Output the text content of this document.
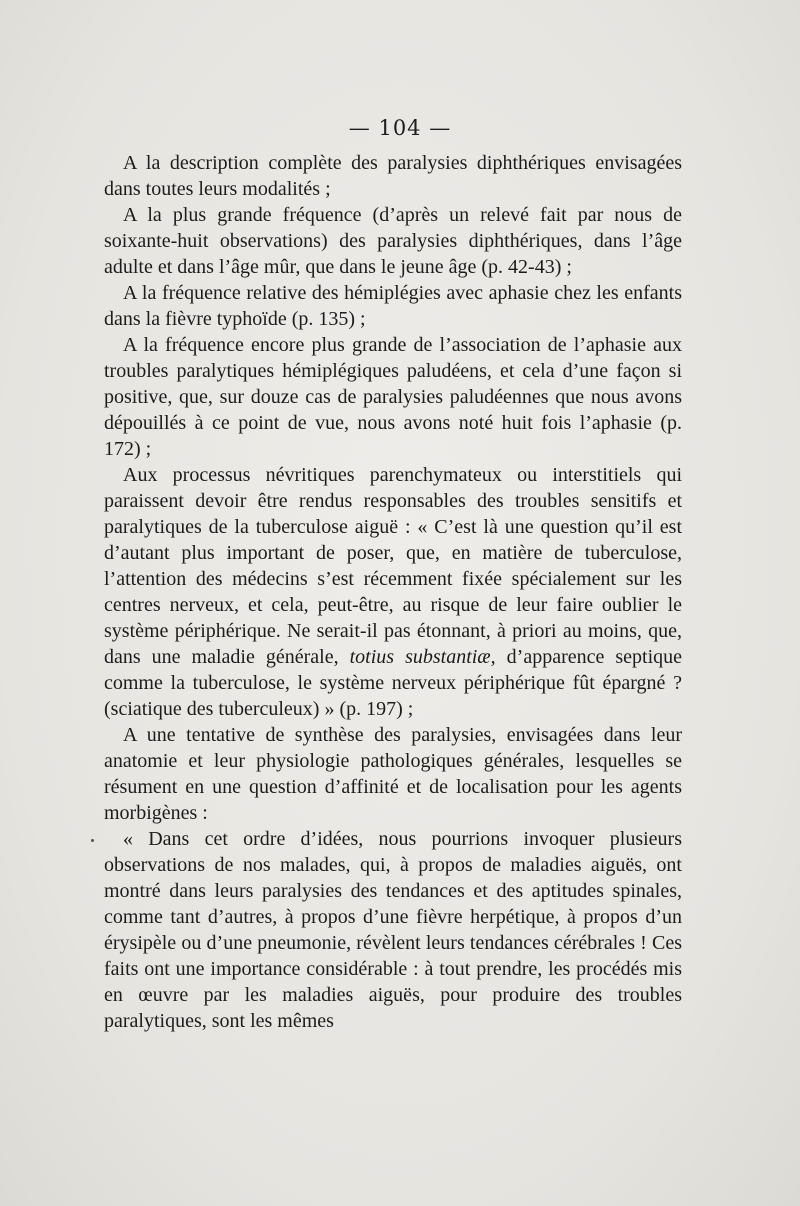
— 104 —

A la description complète des paralysies diphthériques envisagées dans toutes leurs modalités ;

A la plus grande fréquence (d’après un relevé fait par nous de soixante-huit observations) des paralysies diphthériques, dans l’âge adulte et dans l’âge mûr, que dans le jeune âge (p. 42-43) ;

A la fréquence relative des hémiplégies avec aphasie chez les enfants dans la fièvre typhoïde (p. 135) ;

A la fréquence encore plus grande de l’association de l’aphasie aux troubles paralytiques hémiplégiques paludéens, et cela d’une façon si positive, que, sur douze cas de paralysies paludéennes que nous avons dépouillés à ce point de vue, nous avons noté huit fois l’aphasie (p. 172) ;

Aux processus névritiques parenchymateux ou interstitiels qui paraissent devoir être rendus responsables des troubles sensitifs et paralytiques de la tuberculose aiguë : « C’est là une question qu’il est d’autant plus important de poser, que, en matière de tuberculose, l’attention des médecins s’est récemment fixée spécialement sur les centres nerveux, et cela, peut-être, au risque de leur faire oublier le système périphérique. Ne serait-il pas étonnant, à priori au moins, que, dans une maladie générale, totius substantiæ, d’apparence septique comme la tuberculose, le système nerveux périphérique fût épargné ? (sciatique des tuberculeux) » (p. 197) ;

A une tentative de synthèse des paralysies, envisagées dans leur anatomie et leur physiologie pathologiques générales, lesquelles se résument en une question d’affinité et de localisation pour les agents morbigènes :

« Dans cet ordre d’idées, nous pourrions invoquer plusieurs observations de nos malades, qui, à propos de maladies aiguës, ont montré dans leurs paralysies des tendances et des aptitudes spinales, comme tant d’autres, à propos d’une fièvre herpétique, à propos d’un érysipèle ou d’une pneumonie, révèlent leurs tendances cérébrales ! Ces faits ont une importance considérable : à tout prendre, les procédés mis en œuvre par les maladies aiguës, pour produire des troubles paralytiques, sont les mêmes
